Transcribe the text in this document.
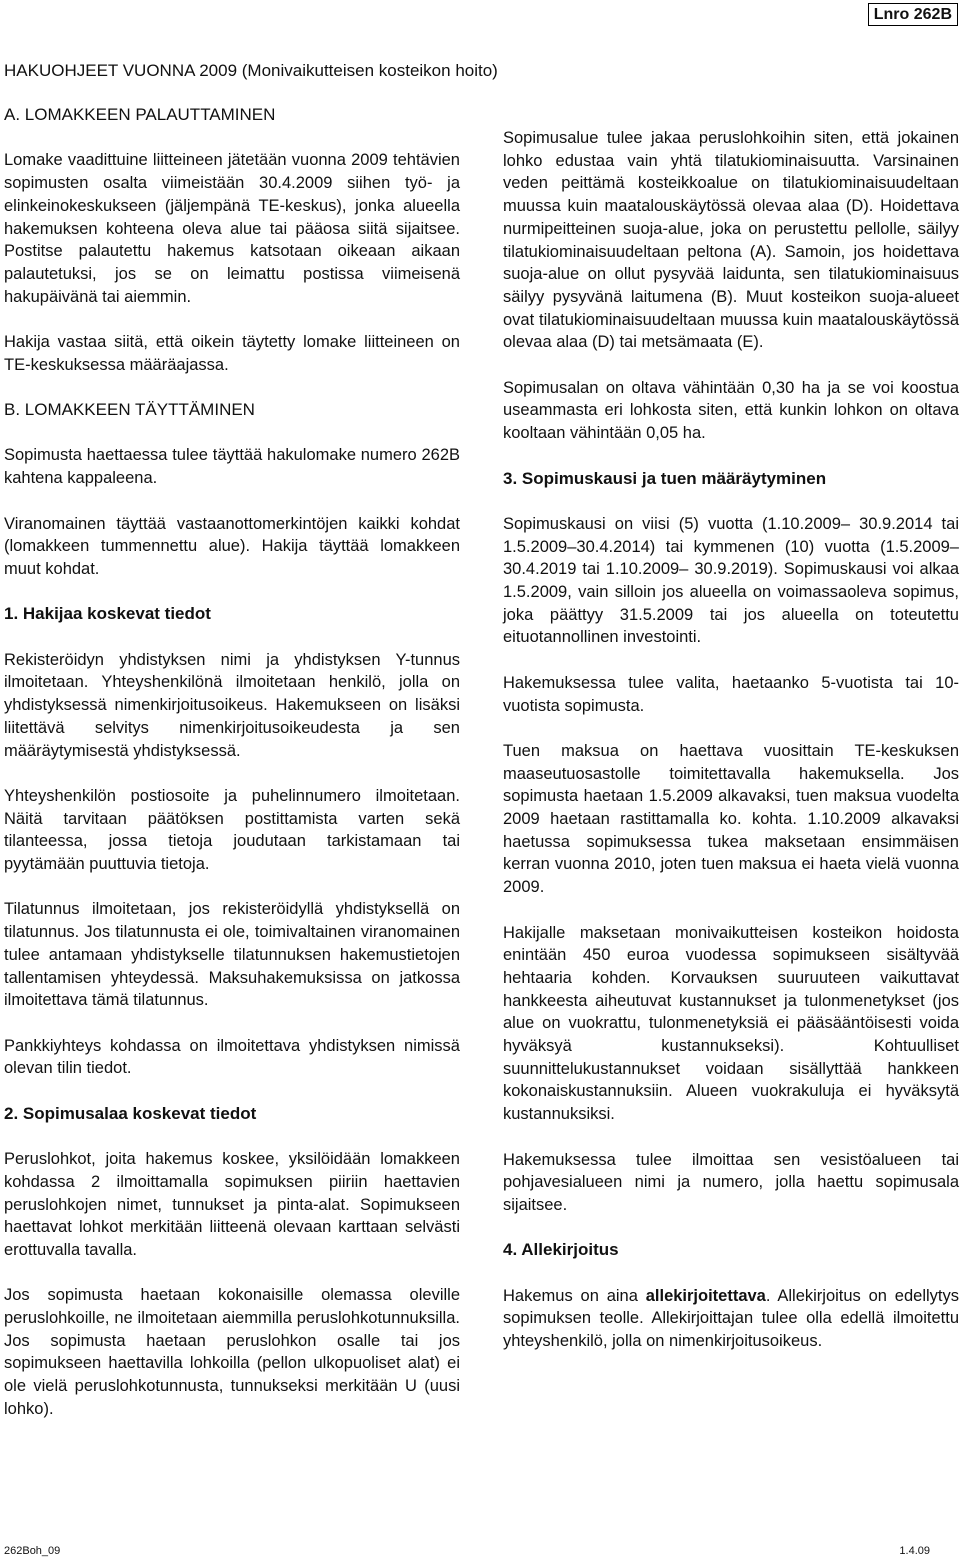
Lnro 262B
HAKUOHJEET VUONNA 2009 (Monivaikutteisen kosteikon hoito)
A. LOMAKKEEN PALAUTTAMINEN

Lomake vaadittuine liitteineen jätetään vuonna 2009 tehtävien sopimusten osalta viimeistään 30.4.2009 siihen työ- ja elinkeinokeskukseen (jäljempänä TE-keskus), jonka alueella hakemuksen kohteena oleva alue tai pääosa siitä sijaitsee. Postitse palautettu hakemus katsotaan oikeaan aikaan palautetuksi, jos se on leimattu postissa viimeisenä hakupäivänä tai aiemmin.

Hakija vastaa siitä, että oikein täytetty lomake liitteineen on TE-keskuksessa määräajassa.

B. LOMAKKEEN TÄYTTÄMINEN

Sopimusta haettaessa tulee täyttää hakulomake numero 262B kahtena kappaleena.

Viranomainen täyttää vastaanottomerkintöjen kaikki kohdat (lomakkeen tummennettu alue). Hakija täyttää lomakkeen muut kohdat.

1. Hakijaa koskevat tiedot

Rekisteröidyn yhdistyksen nimi ja yhdistyksen Y-tunnus ilmoitetaan. Yhteyshenkilönä ilmoitetaan henkilö, jolla on yhdistyksessä nimenkirjoitusoikeus. Hakemukseen on lisäksi liitettävä selvitys nimenkirjoitusoikeudesta ja sen määräytymisestä yhdistyksessä.

Yhteyshenkilön postiosoite ja puhelinnumero ilmoitetaan. Näitä tarvitaan päätöksen postittamista varten sekä tilanteessa, jossa tietoja joudutaan tarkistamaan tai pyytämään puuttuvia tietoja.

Tilatunnus ilmoitetaan, jos rekisteröidyllä yhdistyksellä on tilatunnus. Jos tilatunnusta ei ole, toimivaltainen viranomainen tulee antamaan yhdistykselle tilatunnuksen hakemustietojen tallentamisen yhteydessä. Maksuhakemuksissa on jatkossa ilmoitettava tämä tilatunnus.

Pankkiyhteys kohdassa on ilmoitettava yhdistyksen nimissä olevan tilin tiedot.

2. Sopimusalaa koskevat tiedot

Peruslohkot, joita hakemus koskee, yksilöidään lomakkeen kohdassa 2 ilmoittamalla sopimuksen piiriin haettavien peruslohkojen nimet, tunnukset ja pinta-alat. Sopimukseen haettavat lohkot merkitään liitteenä olevaan karttaan selvästi erottuvalla tavalla.

Jos sopimusta haetaan kokonaisille olemassa oleville peruslohkoille, ne ilmoitetaan aiemmilla peruslohkotunnuksilla. Jos sopimusta haetaan peruslohkon osalle tai jos sopimukseen haettavilla lohkoilla (pellon ulkopuoliset alat) ei ole vielä peruslohkotunnusta, tunnukseksi merkitään U (uusi lohko).

Sopimusalue tulee jakaa peruslohkoihin siten, että jokainen lohko edustaa vain yhtä tilatukiominaisuutta. Varsinainen veden peittämä kosteikkoalue on tilatukiominaisuudeltaan muussa kuin maatalouskäytössä olevaa alaa (D). Hoidettava nurmipeitteinen suoja-alue, joka on perustettu pellolle, säilyy tilatukiominaisuudeltaan peltona (A). Samoin, jos hoidettava suoja-alue on ollut pysyvää laidunta, sen tilatukiominaisuus säilyy pysyvänä laitumena (B). Muut kosteikon suoja-alueet ovat tilatukiominaisuudeltaan muussa kuin maatalouskäytössä olevaa alaa (D) tai metsämaata (E).

Sopimusalan on oltava vähintään 0,30 ha ja se voi koostua useammasta eri lohkosta siten, että kunkin lohkon on oltava kooltaan vähintään 0,05 ha.

3. Sopimuskausi ja tuen määräytyminen

Sopimuskausi on viisi (5) vuotta (1.10.2009– 30.9.2014 tai 1.5.2009–30.4.2014) tai kymmenen (10) vuotta (1.5.2009–30.4.2019 tai 1.10.2009– 30.9.2019). Sopimuskausi voi alkaa 1.5.2009, vain silloin jos alueella on voimassaoleva sopimus, joka päättyy 31.5.2009 tai jos alueella on toteutettu eituotannollinen investointi.

Hakemuksessa tulee valita, haetaanko 5-vuotista tai 10-vuotista sopimusta.

Tuen maksua on haettava vuosittain TE-keskuksen maaseutuosastolle toimitettavalla hakemuksella. Jos sopimusta haetaan 1.5.2009 alkavaksi, tuen maksua vuodelta 2009 haetaan rastittamalla ko. kohta. 1.10.2009 alkavaksi haetussa sopimuksessa tukea maksetaan ensimmäisen kerran vuonna 2010, joten tuen maksua ei haeta vielä vuonna 2009.

Hakijalle maksetaan monivaikutteisen kosteikon hoidosta enintään 450 euroa vuodessa sopimukseen sisältyvää hehtaaria kohden. Korvauksen suuruuteen vaikuttavat hankkeesta aiheutuvat kustannukset ja tulonmenetykset (jos alue on vuokrattu, tulonmenetyksiä ei pääsääntöisesti voida hyväksyä kustannukseksi). Kohtuulliset suunnittelukustannukset voidaan sisällyttää hankkeen kokonaiskustannuksiin. Alueen vuokrakuluja ei hyväksytä kustannuksiksi.

Hakemuksessa tulee ilmoittaa sen vesistöalueen tai pohjavesialueen nimi ja numero, jolla haettu sopimusala sijaitsee.

4. Allekirjoitus

Hakemus on aina allekirjoitettava. Allekirjoitus on edellytys sopimuksen teolle. Allekirjoittajan tulee olla edellä ilmoitettu yhteyshenkilö, jolla on nimenkirjoitusoikeus.

262Boh_09	1.4.09
